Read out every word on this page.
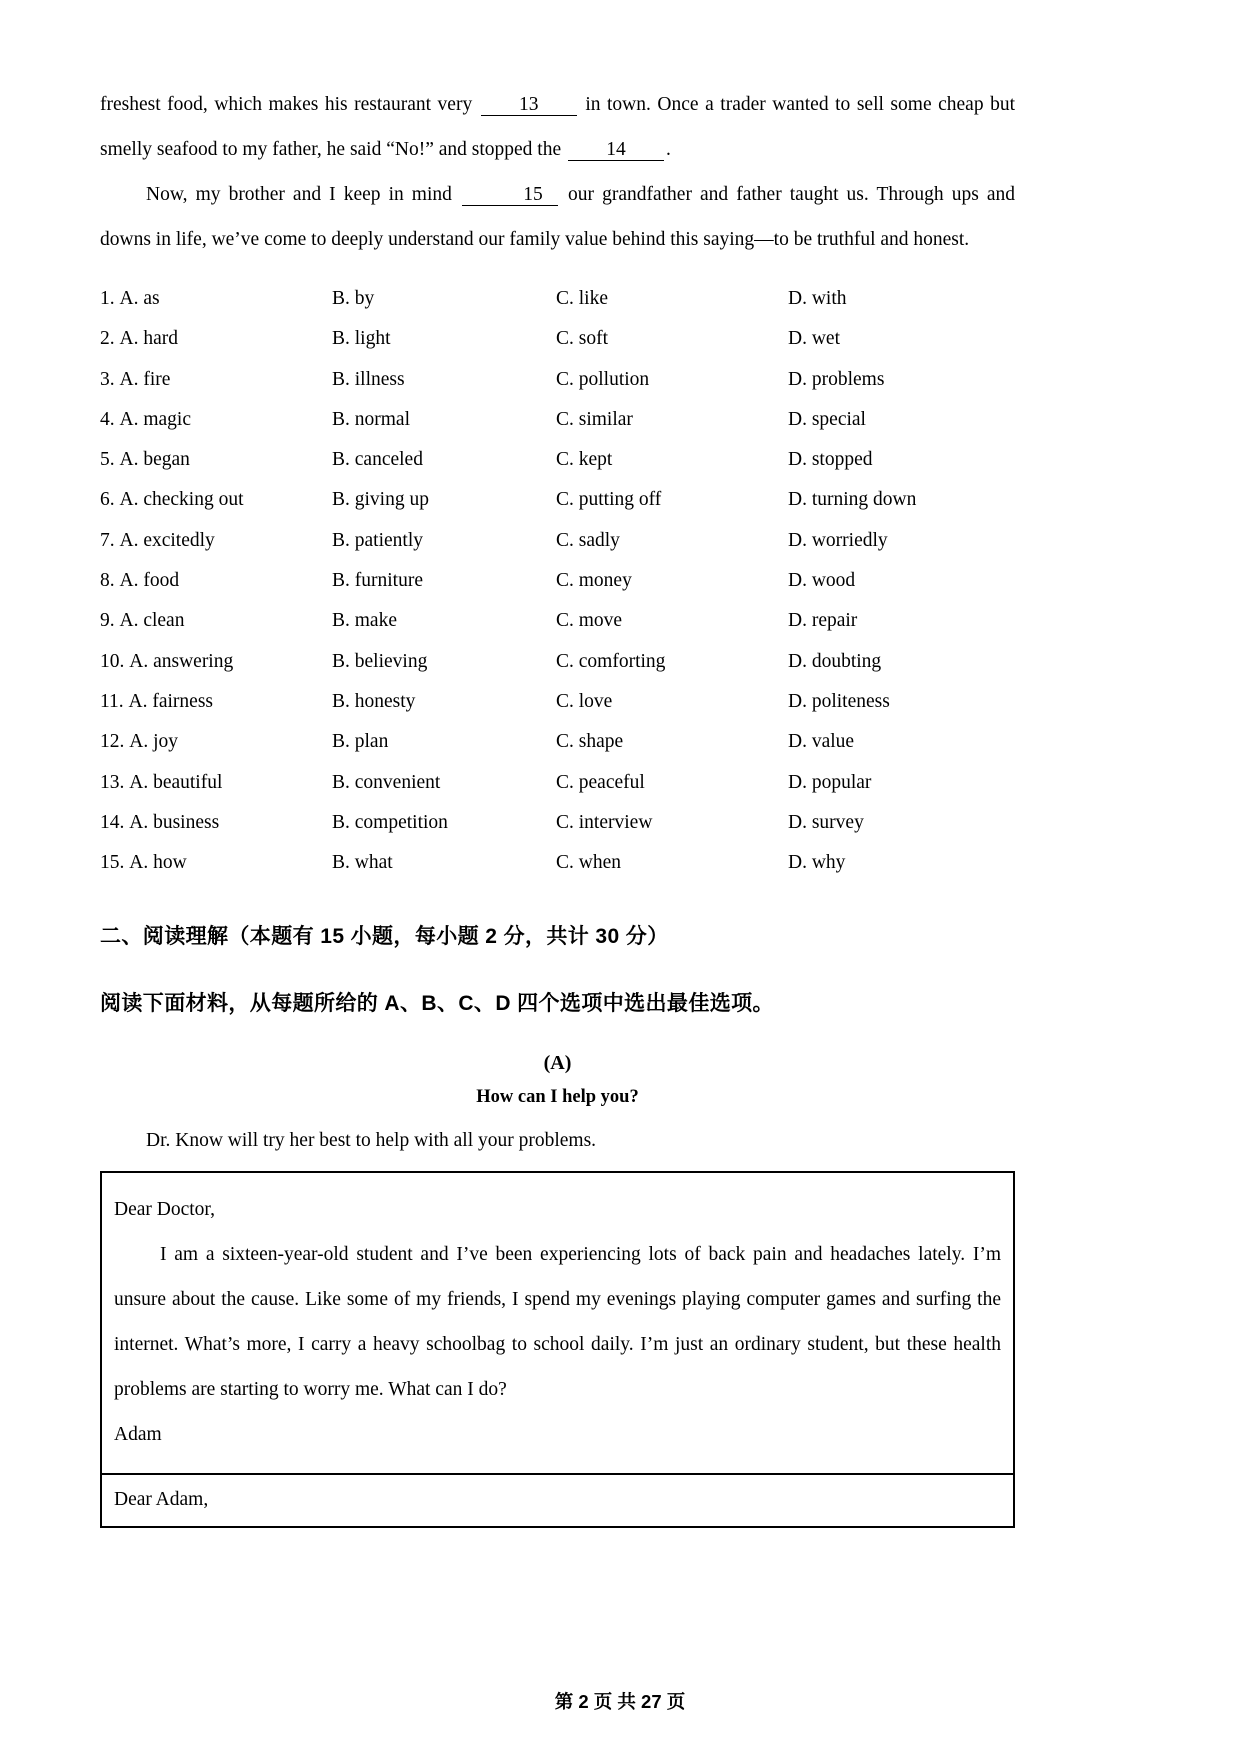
freshest food, which makes his restaurant very 13 in town. Once a trader wanted to sell some cheap but smelly seafood to my father, he said “No!” and stopped the 14 .

Now, my brother and I keep in mind	15 our grandfather and father taught us. Through ups and downs in life, we’ve come to deeply understand our family value behind this saying—to be truthful and honest.

1. A. as	B. by	C. like	D. with
2. A. hard	B. light	C. soft	D. wet
3. A. fire	B. illness	C. pollution	D. problems
4. A. magic	B. normal	C. similar	D. special
5. A. began	B. canceled	C. kept	D. stopped
6. A. checking out	B. giving up	C. putting off	D. turning down
7. A. excitedly	B. patiently	C. sadly	D. worriedly
8. A. food	B. furniture	C. money	D. wood
9. A. clean	B. make	C. move	D. repair
10. A. answering	B. believing	C. comforting	D. doubting
11. A. fairness	B. honesty	C. love	D. politeness
12. A. joy	B. plan	C. shape	D. value
13. A. beautiful	B. convenient	C. peaceful	D. popular
14. A. business	B. competition	C. interview	D. survey
15. A. how	B. what	C. when	D. why
二、阅读理解（本题有 15 小题，每小题 2 分，共计 30 分）
阅读下面材料，从每题所给的 A、B、C、D 四个选项中选出最佳选项。
(A)
How can I help you?
Dr. Know will try her best to help with all your problems.

Dear Doctor,

I am a sixteen-year-old student and I’ve been experiencing lots of back pain and headaches lately. I’m unsure about the cause. Like some of my friends, I spend my evenings playing computer games and surfing the internet. What’s more, I carry a heavy schoolbag to school daily. I’m just an ordinary student, but these health problems are starting to worry me. What can I do?

Adam

Dear Adam,

第 2 页 共 27 页
